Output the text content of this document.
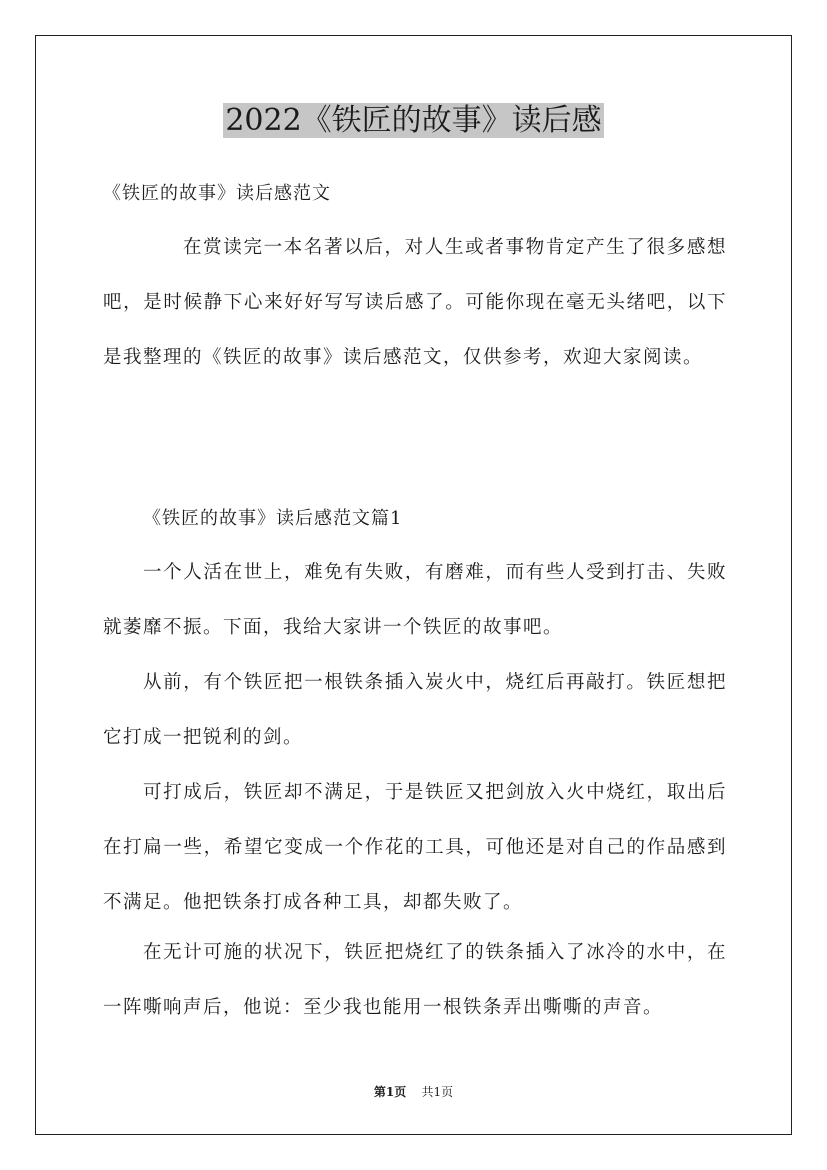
2022《铁匠的故事》读后感
《铁匠的故事》读后感范文

在赏读完一本名著以后，对人生或者事物肯定产生了很多感想吧，是时候静下心来好好写写读后感了。可能你现在毫无头绪吧，以下是我整理的《铁匠的故事》读后感范文，仅供参考，欢迎大家阅读。

《铁匠的故事》读后感范文篇1

一个人活在世上，难免有失败，有磨难，而有些人受到打击、失败就萎靡不振。下面，我给大家讲一个铁匠的故事吧。

从前，有个铁匠把一根铁条插入炭火中，烧红后再敲打。铁匠想把它打成一把锐利的剑。

可打成后，铁匠却不满足，于是铁匠又把剑放入火中烧红，取出后在打扁一些，希望它变成一个作花的工具，可他还是对自己的作品感到不满足。他把铁条打成各种工具，却都失败了。

在无计可施的状况下，铁匠把烧红了的铁条插入了冰冷的水中，在一阵嘶响声后，他说：至少我也能用一根铁条弄出嘶嘶的声音。

第1页 共1页
